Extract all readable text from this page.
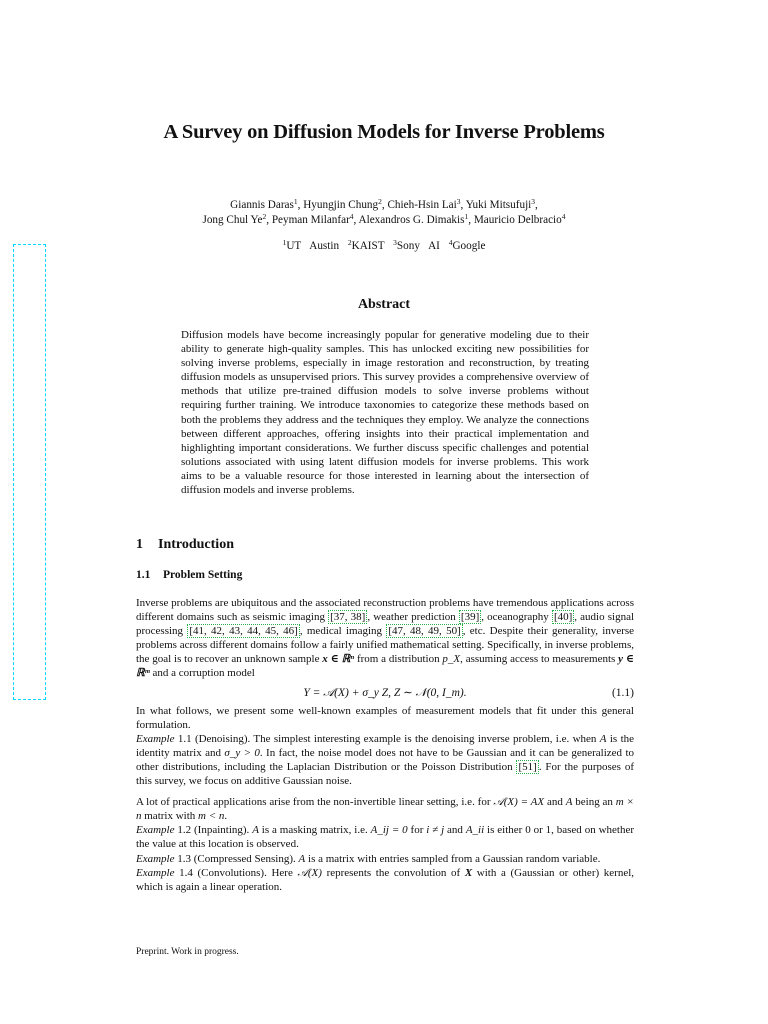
A Survey on Diffusion Models for Inverse Problems
Giannis Daras$^1$, Hyungjin Chung$^2$, Chieh-Hsin Lai$^3$, Yuki Mitsufuji$^3$,
Jong Chul Ye$^2$, Peyman Milanfar$^4$, Alexandros G. Dimakis$^1$, Mauricio Delbracio$^4$
$^1$UT Austin $^2$KAIST $^3$Sony AI $^4$Google
Abstract

Diffusion models have become increasingly popular for generative modeling due to their ability to generate high-quality samples. This has unlocked exciting new possibilities for solving inverse problems, especially in image restoration and reconstruction, by treating diffusion models as unsupervised priors. This survey provides a comprehensive overview of methods that utilize pre-trained diffusion models to solve inverse problems without requiring further training. We introduce taxonomies to categorize these methods based on both the problems they address and the techniques they employ. We analyze the connections between different approaches, offering insights into their practical implementation and highlighting important considerations. We further discuss specific challenges and potential solutions associated with using latent diffusion models for inverse problems. This work aims to be a valuable resource for those interested in learning about the intersection of diffusion models and inverse problems.

1 Introduction
1.1 Problem Setting

Inverse problems are ubiquitous and the associated reconstruction problems have tremendous applications across different domains such as seismic imaging [37, 38] , weather prediction [39] , oceanography [40] , audio signal processing [41, 42, 43, 44, 45, 46] , medical imaging [47, 48, 49, 50] , etc. Despite their generality, inverse problems across different domains follow a fairly unified mathematical setting. Specifically, in inverse problems, the goal is to recover an unknown sample x ∈ ℝⁿ from a distribution p_X, assuming access to measurements y ∈ ℝᵐ and a corruption model

Y = 𝒜(X) + σ_y Z, Z ∼ 𝒩(0, I_m).	(1.1)

In what follows, we present some well-known examples of measurement models that fit under this general formulation.

Example 1.1 (Denoising). The simplest interesting example is the denoising inverse problem, i.e. when A is the identity matrix and σ_y > 0. In fact, the noise model does not have to be Gaussian and it can be generalized to other distributions, including the Laplacian Distribution or the Poisson Distribution [51] . For the purposes of this survey, we focus on additive Gaussian noise.

A lot of practical applications arise from the non-invertible linear setting, i.e. for 𝒜(X) = AX and A being an m × n matrix with m < n.

Example 1.2 (Inpainting). A is a masking matrix, i.e. A_ij = 0 for i ≠ j and A_ii is either 0 or 1, based on whether the value at this location is observed.

Example 1.3 (Compressed Sensing). A is a matrix with entries sampled from a Gaussian random variable.

Example 1.4 (Convolutions). Here 𝒜(X) represents the convolution of X with a (Gaussian or other) kernel, which is again a linear operation.

Preprint. Work in progress.
